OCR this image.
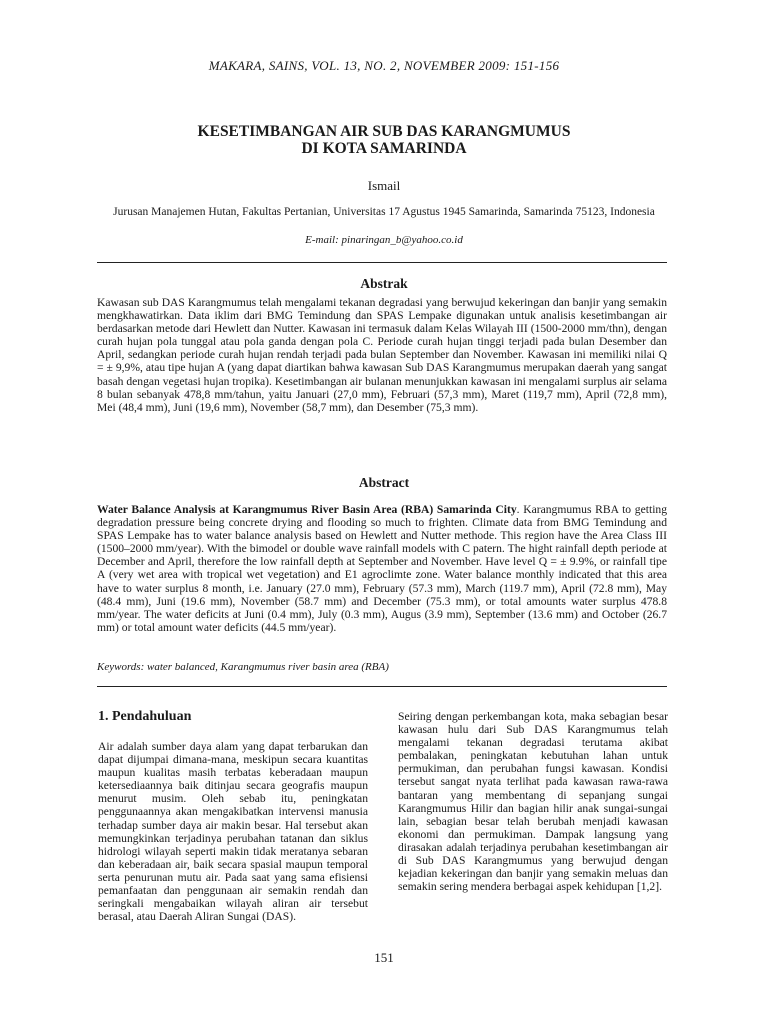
MAKARA, SAINS, VOL. 13, NO. 2, NOVEMBER 2009: 151-156
KESETIMBANGAN AIR SUB DAS KARANGMUMUS
DI KOTA SAMARINDA
Ismail
Jurusan Manajemen Hutan, Fakultas Pertanian, Universitas 17 Agustus 1945 Samarinda, Samarinda 75123, Indonesia
E-mail: pinaringan_b@yahoo.co.id
Abstrak

Kawasan sub DAS Karangmumus telah mengalami tekanan degradasi yang berwujud kekeringan dan banjir yang semakin mengkhawatirkan. Data iklim dari BMG Temindung dan SPAS Lempake digunakan untuk analisis kesetimbangan air berdasarkan metode dari Hewlett dan Nutter. Kawasan ini termasuk dalam Kelas Wilayah III (1500-2000 mm/thn), dengan curah hujan pola tunggal atau pola ganda dengan pola C. Periode curah hujan tinggi terjadi pada bulan Desember dan April, sedangkan periode curah hujan rendah terjadi pada bulan September dan November. Kawasan ini memiliki nilai Q = ± 9,9%, atau tipe hujan A (yang dapat diartikan bahwa kawasan Sub DAS Karangmumus merupakan daerah yang sangat basah dengan vegetasi hujan tropika). Kesetimbangan air bulanan menunjukkan kawasan ini mengalami surplus air selama 8 bulan sebanyak 478,8 mm/tahun, yaitu Januari (27,0 mm), Februari (57,3 mm), Maret (119,7 mm), April (72,8 mm), Mei (48,4 mm), Juni (19,6 mm), November (58,7 mm), dan Desember (75,3 mm).

Abstract

Water Balance Analysis at Karangmumus River Basin Area (RBA) Samarinda City. Karangmumus RBA to getting degradation pressure being concrete drying and flooding so much to frighten. Climate data from BMG Temindung and SPAS Lempake has to water balance analysis based on Hewlett and Nutter methode. This region have the Area Class III (1500–2000 mm/year). With the bimodel or double wave rainfall models with C patern. The hight rainfall depth periode at December and April, therefore the low rainfall depth at September and November. Have level Q = ± 9.9%, or rainfall tipe A (very wet area with tropical wet vegetation) and E1 agroclimte zone. Water balance monthly indicated that this area have to water surplus 8 month, i.e. January (27.0 mm), February (57.3 mm), March (119.7 mm), April (72.8 mm), May (48.4 mm), Juni (19.6 mm), November (58.7 mm) and December (75.3 mm), or total amounts water surplus 478.8 mm/year. The water deficits at Juni (0.4 mm), July (0.3 mm), Augus (3.9 mm), September (13.6 mm) and October (26.7 mm) or total amount water deficits (44.5 mm/year).

Keywords: water balanced, Karangmumus river basin area (RBA)
1. Pendahuluan

Air adalah sumber daya alam yang dapat terbarukan dan dapat dijumpai dimana-mana, meskipun secara kuantitas maupun kualitas masih terbatas keberadaan maupun ketersediaannya baik ditinjau secara geografis maupun menurut musim. Oleh sebab itu, peningkatan penggunaannya akan mengakibatkan intervensi manusia terhadap sumber daya air makin besar. Hal tersebut akan memungkinkan terjadinya perubahan tatanan dan siklus hidrologi wilayah seperti makin tidak meratanya sebaran dan keberadaan air, baik secara spasial maupun temporal serta penurunan mutu air. Pada saat yang sama efisiensi pemanfaatan dan penggunaan air semakin rendah dan seringkali mengabaikan wilayah aliran air tersebut berasal, atau Daerah Aliran Sungai (DAS).

Seiring dengan perkembangan kota, maka sebagian besar kawasan hulu dari Sub DAS Karangmumus telah mengalami tekanan degradasi terutama akibat pembalakan, peningkatan kebutuhan lahan untuk permukiman, dan perubahan fungsi kawasan. Kondisi tersebut sangat nyata terlihat pada kawasan rawa-rawa bantaran yang membentang di sepanjang sungai Karangmumus Hilir dan bagian hilir anak sungai-sungai lain, sebagian besar telah berubah menjadi kawasan ekonomi dan permukiman. Dampak langsung yang dirasakan adalah terjadinya perubahan kesetimbangan air di Sub DAS Karangmumus yang berwujud dengan kejadian kekeringan dan banjir yang semakin meluas dan semakin sering mendera berbagai aspek kehidupan [1,2].

151
